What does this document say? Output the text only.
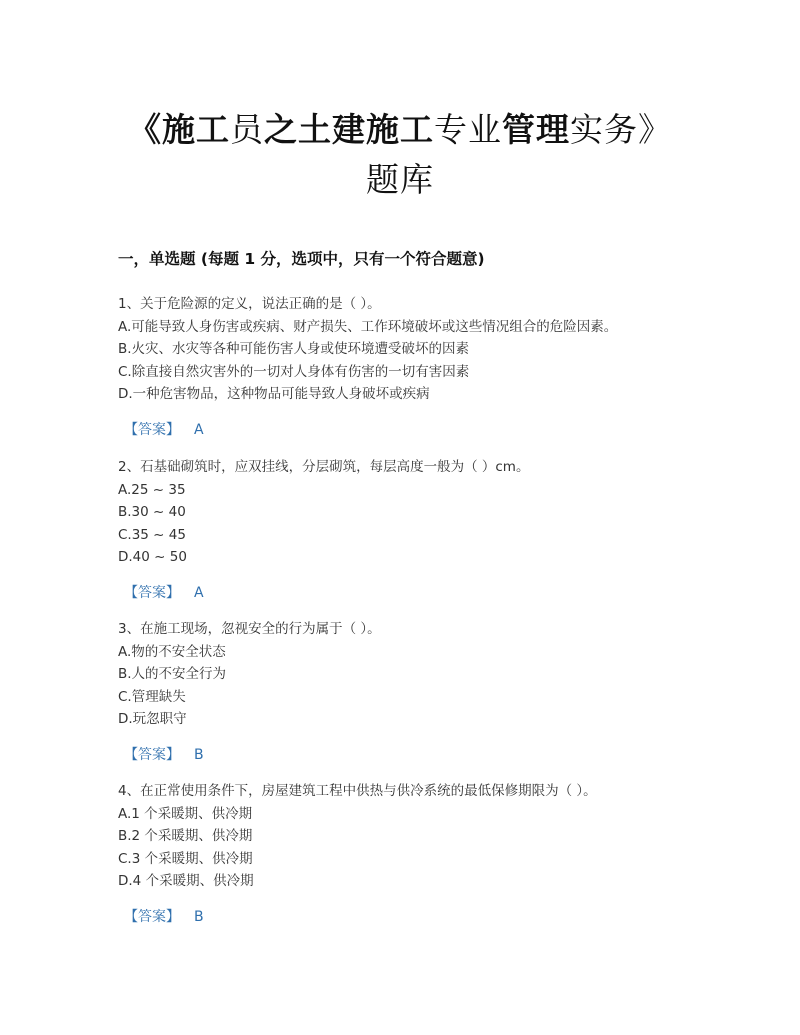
《施工员之土建施工专业管理实务》
题库
一，单选题 (每题 1 分，选项中，只有一个符合题意)
1、关于危险源的定义，说法正确的是（ ）。
A.可能导致人身伤害或疾病、财产损失、工作环境破坏或这些情况组合的危险因素。
B.火灾、水灾等各种可能伤害人身或使环境遭受破坏的因素
C.除直接自然灾害外的一切对人身体有伤害的一切有害因素
D.一种危害物品，这种物品可能导致人身破坏或疾病
【答案】 A
2、石基础砌筑时，应双挂线，分层砌筑，每层高度一般为（ ）cm。
A.25 ~ 35
B.30 ~ 40
C.35 ~ 45
D.40 ~ 50
【答案】 A
3、在施工现场，忽视安全的行为属于（ ）。
A.物的不安全状态
B.人的不安全行为
C.管理缺失
D.玩忽职守
【答案】 B
4、在正常使用条件下，房屋建筑工程中供热与供冷系统的最低保修期限为（ ）。
A.1 个采暖期、供冷期
B.2 个采暖期、供冷期
C.3 个采暖期、供冷期
D.4 个采暖期、供冷期
【答案】 B
